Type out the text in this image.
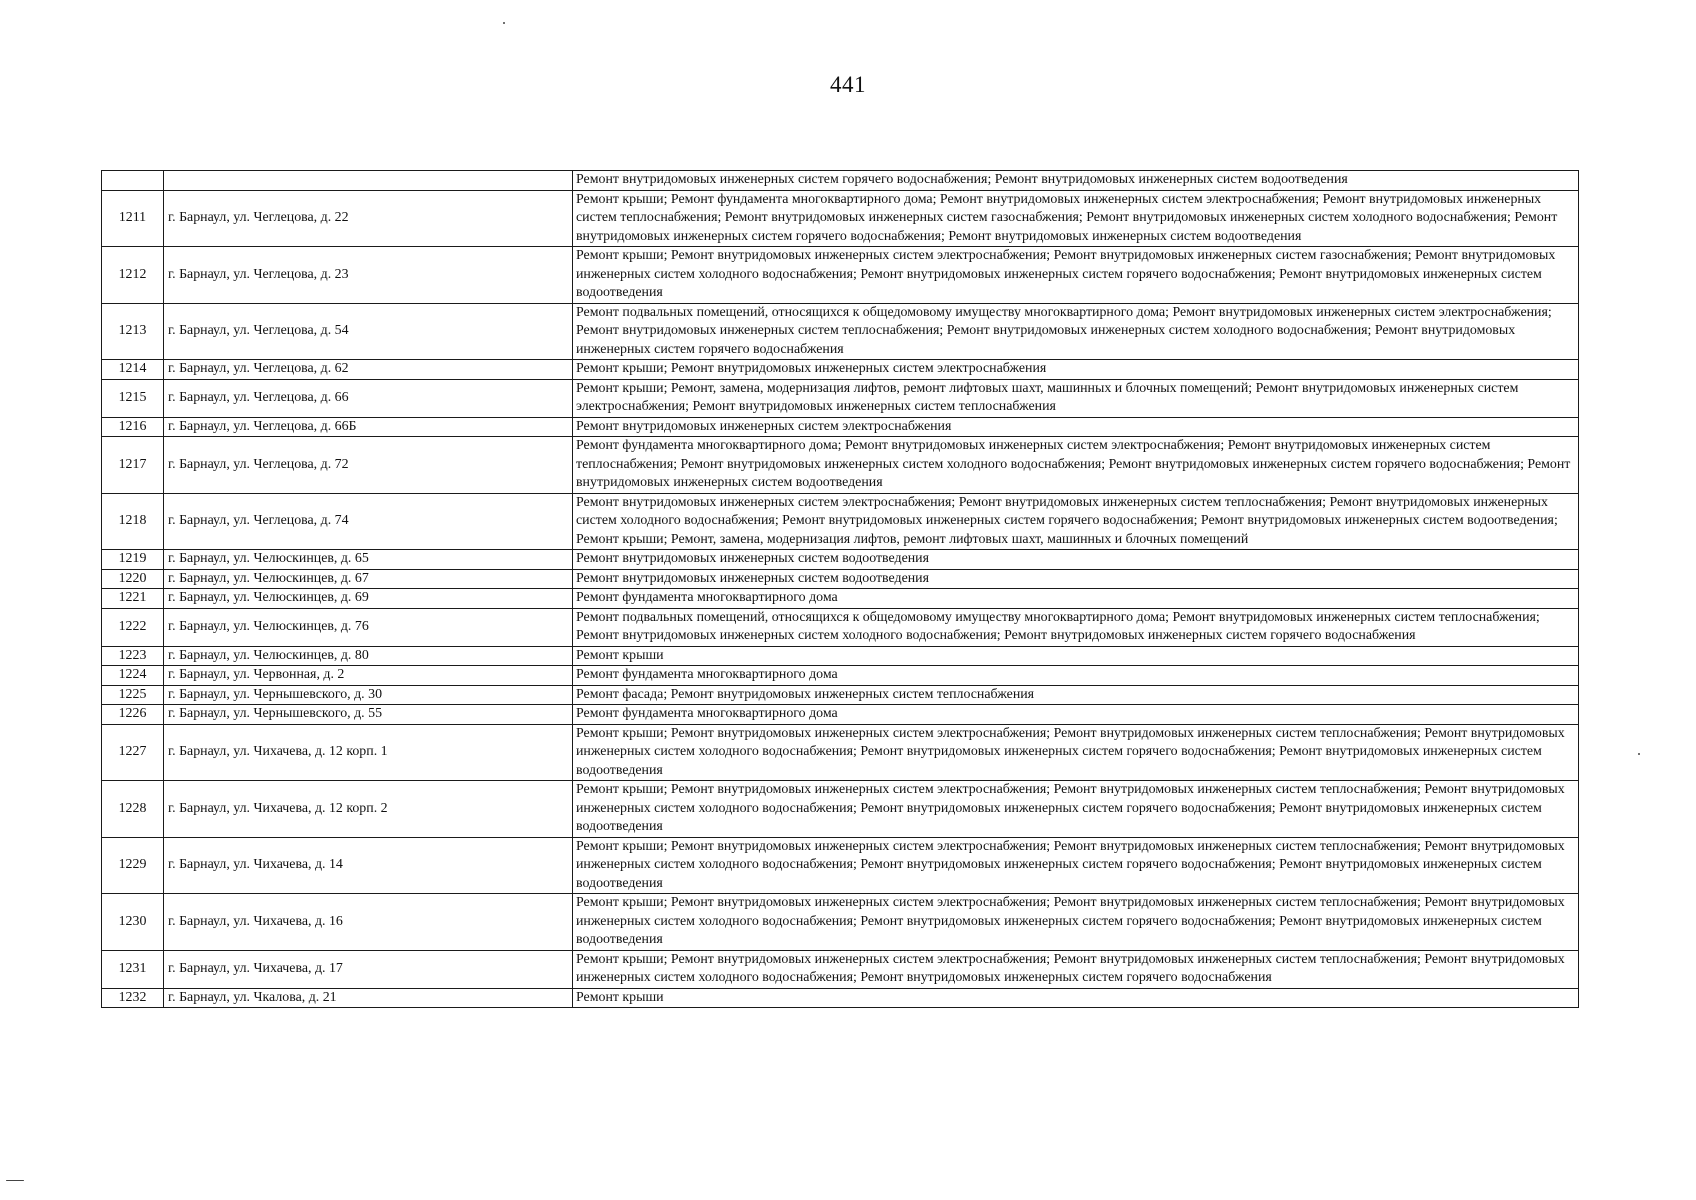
441
		Ремонт внутридомовых инженерных систем горячего водоснабжения; Ремонт внутридомовых инженерных систем водоотведения
1211	г. Барнаул, ул. Чеглецова, д. 22	Ремонт крыши; Ремонт фундамента многоквартирного дома; Ремонт внутридомовых инженерных систем электроснабжения; Ремонт внутридомовых инженерных систем теплоснабжения; Ремонт внутридомовых инженерных систем газоснабжения; Ремонт внутридомовых инженерных систем холодного водоснабжения; Ремонт внутридомовых инженерных систем горячего водоснабжения; Ремонт внутридомовых инженерных систем водоотведения
1212	г. Барнаул, ул. Чеглецова, д. 23	Ремонт крыши; Ремонт внутридомовых инженерных систем электроснабжения; Ремонт внутридомовых инженерных систем газоснабжения; Ремонт внутридомовых инженерных систем холодного водоснабжения; Ремонт внутридомовых инженерных систем горячего водоснабжения; Ремонт внутридомовых инженерных систем водоотведения
1213	г. Барнаул, ул. Чеглецова, д. 54	Ремонт подвальных помещений, относящихся к общедомовому имуществу многоквартирного дома; Ремонт внутридомовых инженерных систем электроснабжения; Ремонт внутридомовых инженерных систем теплоснабжения; Ремонт внутридомовых инженерных систем холодного водоснабжения; Ремонт внутридомовых инженерных систем горячего водоснабжения
1214	г. Барнаул, ул. Чеглецова, д. 62	Ремонт крыши; Ремонт внутридомовых инженерных систем электроснабжения
1215	г. Барнаул, ул. Чеглецова, д. 66	Ремонт крыши; Ремонт, замена, модернизация лифтов, ремонт лифтовых шахт, машинных и блочных помещений; Ремонт внутридомовых инженерных систем электроснабжения; Ремонт внутридомовых инженерных систем теплоснабжения
1216	г. Барнаул, ул. Чеглецова, д. 66Б	Ремонт внутридомовых инженерных систем электроснабжения
1217	г. Барнаул, ул. Чеглецова, д. 72	Ремонт фундамента многоквартирного дома; Ремонт внутридомовых инженерных систем электроснабжения; Ремонт внутридомовых инженерных систем теплоснабжения; Ремонт внутридомовых инженерных систем холодного водоснабжения; Ремонт внутридомовых инженерных систем горячего водоснабжения; Ремонт внутридомовых инженерных систем водоотведения
1218	г. Барнаул, ул. Чеглецова, д. 74	Ремонт внутридомовых инженерных систем электроснабжения; Ремонт внутридомовых инженерных систем теплоснабжения; Ремонт внутридомовых инженерных систем холодного водоснабжения; Ремонт внутридомовых инженерных систем горячего водоснабжения; Ремонт внутридомовых инженерных систем водоотведения; Ремонт крыши; Ремонт, замена, модернизация лифтов, ремонт лифтовых шахт, машинных и блочных помещений
1219	г. Барнаул, ул. Челюскинцев, д. 65	Ремонт внутридомовых инженерных систем водоотведения
1220	г. Барнаул, ул. Челюскинцев, д. 67	Ремонт внутридомовых инженерных систем водоотведения
1221	г. Барнаул, ул. Челюскинцев, д. 69	Ремонт фундамента многоквартирного дома
1222	г. Барнаул, ул. Челюскинцев, д. 76	Ремонт подвальных помещений, относящихся к общедомовому имуществу многоквартирного дома; Ремонт внутридомовых инженерных систем теплоснабжения; Ремонт внутридомовых инженерных систем холодного водоснабжения; Ремонт внутридомовых инженерных систем горячего водоснабжения
1223	г. Барнаул, ул. Челюскинцев, д. 80	Ремонт крыши
1224	г. Барнаул, ул. Червонная, д. 2	Ремонт фундамента многоквартирного дома
1225	г. Барнаул, ул. Чернышевского, д. 30	Ремонт фасада; Ремонт внутридомовых инженерных систем теплоснабжения
1226	г. Барнаул, ул. Чернышевского, д. 55	Ремонт фундамента многоквартирного дома
1227	г. Барнаул, ул. Чихачева, д. 12 корп. 1	Ремонт крыши; Ремонт внутридомовых инженерных систем электроснабжения; Ремонт внутридомовых инженерных систем теплоснабжения; Ремонт внутридомовых инженерных систем холодного водоснабжения; Ремонт внутридомовых инженерных систем горячего водоснабжения; Ремонт внутридомовых инженерных систем водоотведения
1228	г. Барнаул, ул. Чихачева, д. 12 корп. 2	Ремонт крыши; Ремонт внутридомовых инженерных систем электроснабжения; Ремонт внутридомовых инженерных систем теплоснабжения; Ремонт внутридомовых инженерных систем холодного водоснабжения; Ремонт внутридомовых инженерных систем горячего водоснабжения; Ремонт внутридомовых инженерных систем водоотведения
1229	г. Барнаул, ул. Чихачева, д. 14	Ремонт крыши; Ремонт внутридомовых инженерных систем электроснабжения; Ремонт внутридомовых инженерных систем теплоснабжения; Ремонт внутридомовых инженерных систем холодного водоснабжения; Ремонт внутридомовых инженерных систем горячего водоснабжения; Ремонт внутридомовых инженерных систем водоотведения
1230	г. Барнаул, ул. Чихачева, д. 16	Ремонт крыши; Ремонт внутридомовых инженерных систем электроснабжения; Ремонт внутридомовых инженерных систем теплоснабжения; Ремонт внутридомовых инженерных систем холодного водоснабжения; Ремонт внутридомовых инженерных систем горячего водоснабжения; Ремонт внутридомовых инженерных систем водоотведения
1231	г. Барнаул, ул. Чихачева, д. 17	Ремонт крыши; Ремонт внутридомовых инженерных систем электроснабжения; Ремонт внутридомовых инженерных систем теплоснабжения; Ремонт внутридомовых инженерных систем холодного водоснабжения; Ремонт внутридомовых инженерных систем горячего водоснабжения
1232	г. Барнаул, ул. Чкалова, д. 21	Ремонт крыши
